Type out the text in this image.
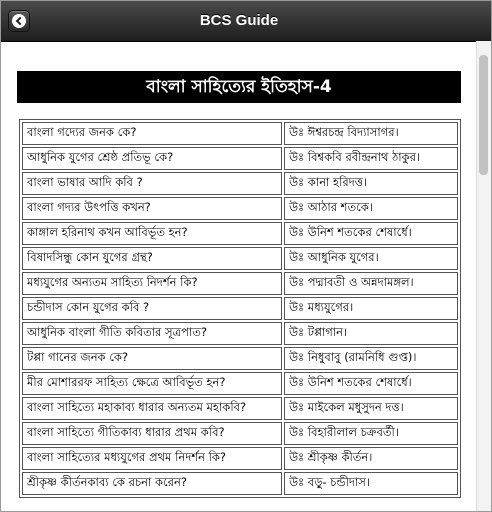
BCS Guide
বাংলা সাহিত্যের ইতিহাস-4
বাংলা গদ্যের জনক কে?	উঃ ঈশ্বরচন্দ্র বিদ্যাসাগর।
আধুনিক যুগের শ্রেষ্ঠ প্রতিভূ কে?	উঃ বিশ্বকবি রবীন্দ্রনাথ ঠাকুর।
বাংলা ভাষার আদি কবি ?	উঃ কানা হরিদত্ত।
বাংলা গদ্যর উৎপত্তি কখন?	উঃ আঠার শতকে।
কাঙ্গাল হরিনাথ কখন আবির্ভূত হন?	উঃ উনিশ শতকের শেষার্ধে।
বিষাদসিন্ধু কোন যুগের গ্রন্থ?	উঃ আধুনিক যুগের।
মধ্যযুগের অন্যতম সাহিত্য নিদর্শন কি?	উঃ পদ্মাবতী ও অন্নদামঙ্গল।
চন্ডীদাস কোন যুগের কবি ?	উঃ মধ্যযুগের।
আধুনিক বাংলা গীতি কবিতার সূত্রপাত?	উঃ টপ্পাগান।
টপ্পা গানের জনক কে?	উঃ নিধুবাবু (রামনিধি গুপ্ত)।
মীর মোশাররফ সাহিত্য ক্ষেত্রে আবির্ভূত হন?	উঃ উনিশ শতকের শেষার্ধে।
বাংলা সাহিত্যে মহাকাব্য ধারার অন্যতম মহাকবি?	উঃ মাইকেল মধুসুদন দত্ত।
বাংলা সাহিত্যে গীতিকাব্য ধারার প্রথম কবি?	উঃ বিহারীলাল চক্রবর্তী।
বাংলা সাহিত্যের মধ্যযুগের প্রথম নিদর্শন কি?	উঃ শ্রীকৃষ্ণ কীর্তন।
শ্রীকৃষ্ণ কীর্তনকাব্য কে রচনা করেন?	উঃ বড়ু- চন্ডীদাস।
